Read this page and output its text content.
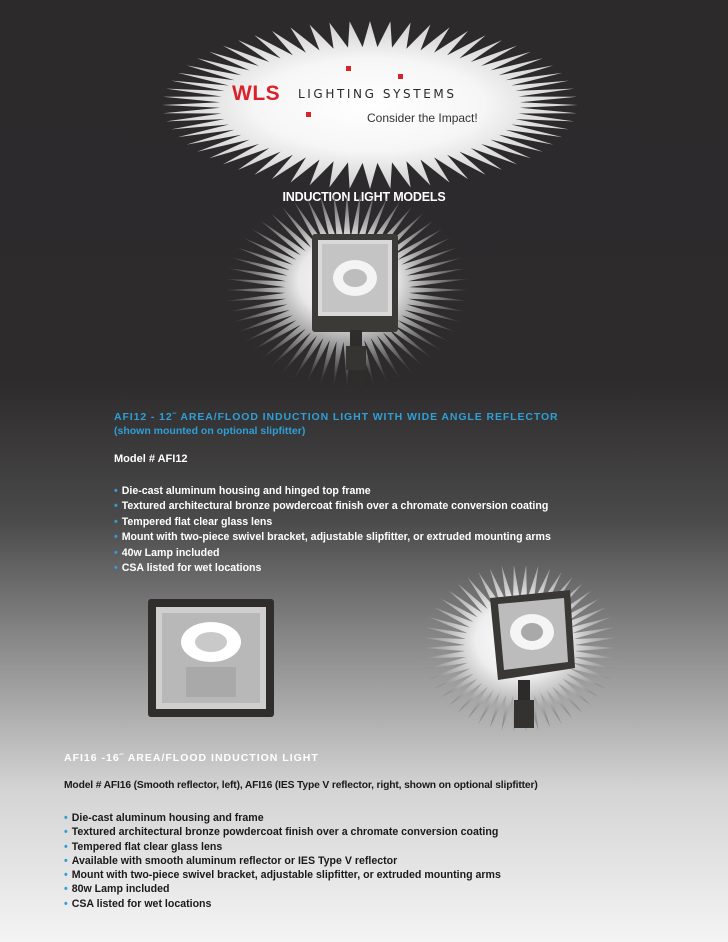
WLS LIGHTING SYSTEMS
Consider the Impact!
INDUCTION LIGHT MODELS
AFI12 - 12˝ AREA/FLOOD INDUCTION LIGHT WITH WIDE ANGLE REFLECTOR
(shown mounted on optional slipfitter)
Model # AFI12
• Die-cast aluminum housing and hinged top frame
• Textured architectural bronze powdercoat finish over a chromate conversion coating
• Tempered flat clear glass lens
• Mount with two-piece swivel bracket, adjustable slipfitter, or extruded mounting arms
• 40w Lamp included
• CSA listed for wet locations
AFI16 -16˝ AREA/FLOOD INDUCTION LIGHT
Model # AFI16 (Smooth reflector, left), AFI16 (IES Type V reflector, right, shown on optional slipfitter)
• Die-cast aluminum housing and frame
• Textured architectural bronze powdercoat finish over a chromate conversion coating
• Tempered flat clear glass lens
• Available with smooth aluminum reflector or IES Type V reflector
• Mount with two-piece swivel bracket, adjustable slipfitter, or extruded mounting arms
• 80w Lamp included
• CSA listed for wet locations
